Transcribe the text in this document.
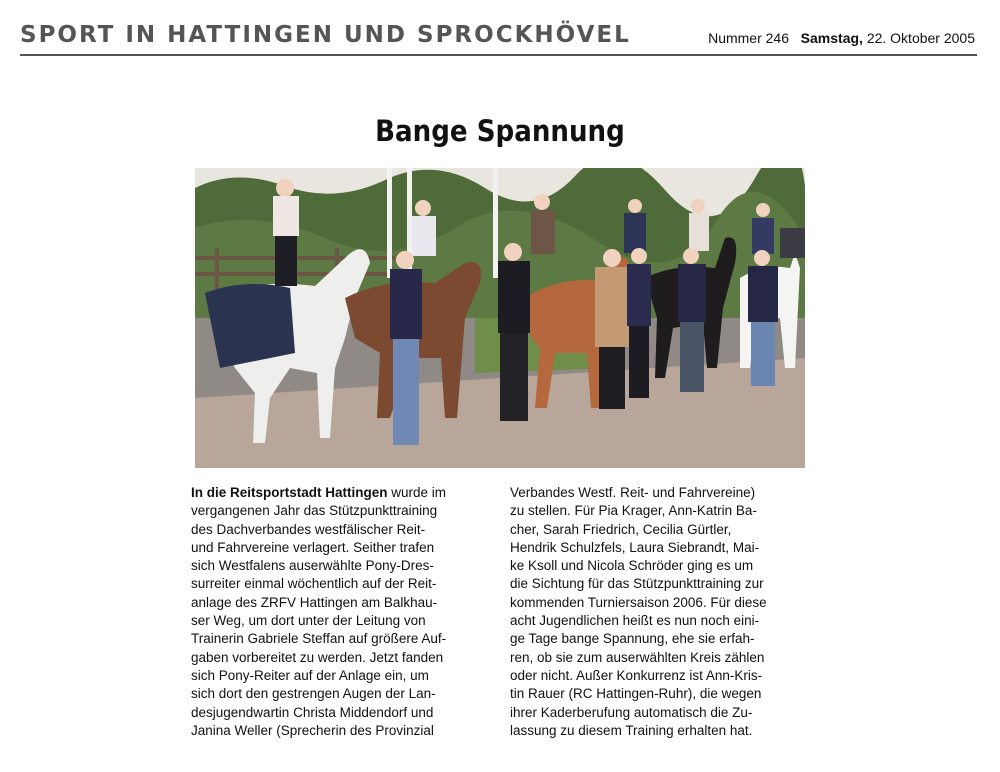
SPORT IN HATTINGEN UND SPROCKHÖVEL	Nummer 246 Samstag, 22. Oktober 2005
Bange Spannung

In die Reitsportstadt Hattingen wurde im
vergangenen Jahr das Stützpunkttraining
des Dachverbandes westfälischer Reit-
und Fahrvereine verlagert. Seither trafen
sich Westfalens auserwählte Pony-Dres-
surreiter einmal wöchentlich auf der Reit-
anlage des ZRFV Hattingen am Balkhau-
ser Weg, um dort unter der Leitung von
Trainerin Gabriele Steffan auf größere Auf-
gaben vorbereitet zu werden. Jetzt fanden
sich Pony-Reiter auf der Anlage ein, um
sich dort den gestrengen Augen der Lan-
desjugendwartin Christa Middendorf und
Janina Weller (Sprecherin des Provinzial

Verbandes Westf. Reit- und Fahrvereine)
zu stellen. Für Pia Krager, Ann-Katrin Ba-
cher, Sarah Friedrich, Cecilia Gürtler,
Hendrik Schulzfels, Laura Siebrandt, Mai-
ke Ksoll und Nicola Schröder ging es um
die Sichtung für das Stützpunkttraining zur
kommenden Turniersaison 2006. Für diese
acht Jugendlichen heißt es nun noch eini-
ge Tage bange Spannung, ehe sie erfah-
ren, ob sie zum auserwählten Kreis zählen
oder nicht. Außer Konkurrenz ist Ann-Kris-
tin Rauer (RC Hattingen-Ruhr), die wegen
ihrer Kaderberufung automatisch die Zu-
lassung zu diesem Training erhalten hat.
